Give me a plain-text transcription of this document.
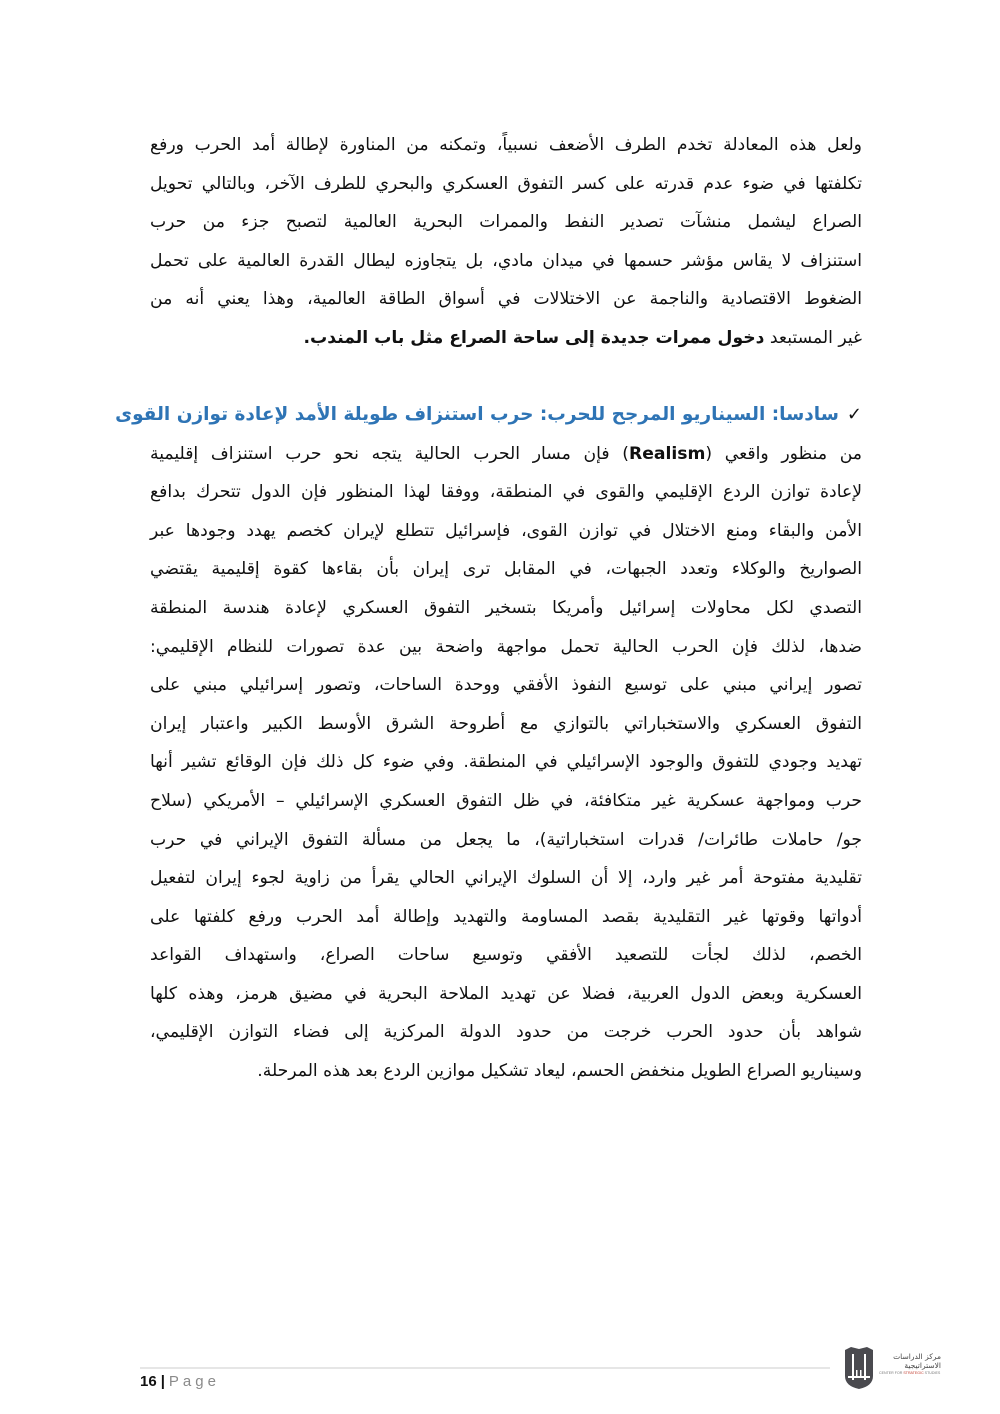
ولعل هذه المعادلة تخدم الطرف الأضعف نسبياً، وتمكنه من المناورة لإطالة أمد الحرب ورفع
تكلفتها في ضوء عدم قدرته على كسر التفوق العسكري والبحري للطرف الآخر، وبالتالي تحويل
الصراع ليشمل منشآت تصدير النفط والممرات البحرية العالمية لتصبح جزء من حرب
استنزاف لا يقاس مؤشر حسمها في ميدان مادي، بل يتجاوزه ليطال القدرة العالمية على تحمل
الضغوط الاقتصادية والناجمة عن الاختلالات في أسواق الطاقة العالمية، وهذا يعني أنه من
غير المستبعد دخول ممرات جديدة إلى ساحة الصراع مثل باب المندب.
✓سادسا: السيناريو المرجح للحرب: حرب استنزاف طويلة الأمد لإعادة توازن القوى
من منظور واقعي (Realism) فإن مسار الحرب الحالية يتجه نحو حرب استنزاف إقليمية
لإعادة توازن الردع الإقليمي والقوى في المنطقة، ووفقا لهذا المنظور فإن الدول تتحرك بدافع
الأمن والبقاء ومنع الاختلال في توازن القوى، فإسرائيل تتطلع لإيران كخصم يهدد وجودها عبر
الصواريخ والوكلاء وتعدد الجبهات، في المقابل ترى إيران بأن بقاءها كقوة إقليمية يقتضي
التصدي لكل محاولات إسرائيل وأمريكا بتسخير التفوق العسكري لإعادة هندسة المنطقة
ضدها، لذلك فإن الحرب الحالية تحمل مواجهة واضحة بين عدة تصورات للنظام الإقليمي:
تصور إيراني مبني على توسيع النفوذ الأفقي ووحدة الساحات، وتصور إسرائيلي مبني على
التفوق العسكري والاستخباراتي بالتوازي مع أطروحة الشرق الأوسط الكبير واعتبار إيران
تهديد وجودي للتفوق والوجود الإسرائيلي في المنطقة. وفي ضوء كل ذلك فإن الوقائع تشير أنها
حرب ومواجهة عسكرية غير متكافئة، في ظل التفوق العسكري الإسرائيلي – الأمريكي (سلاح
جو/ حاملات طائرات/ قدرات استخباراتية)، ما يجعل من مسألة التفوق الإيراني في حرب
تقليدية مفتوحة أمر غير وارد، إلا أن السلوك الإيراني الحالي يقرأ من زاوية لجوء إيران لتفعيل
أدواتها وقوتها غير التقليدية بقصد المساومة والتهديد وإطالة أمد الحرب ورفع كلفتها على
الخصم، لذلك لجأت للتصعيد الأفقي وتوسيع ساحات الصراع، واستهداف القواعد
العسكرية وبعض الدول العربية، فضلا عن تهديد الملاحة البحرية في مضيق هرمز، وهذه كلها
شواهد بأن حدود الحرب خرجت من حدود الدولة المركزية إلى فضاء التوازن الإقليمي،
وسيناريو الصراع الطويل منخفض الحسم، ليعاد تشكيل موازين الردع بعد هذه المرحلة.
16 | Page
مركز الدراسات
الاستراتيجية
CENTER FOR STRATEGIC STUDIES
